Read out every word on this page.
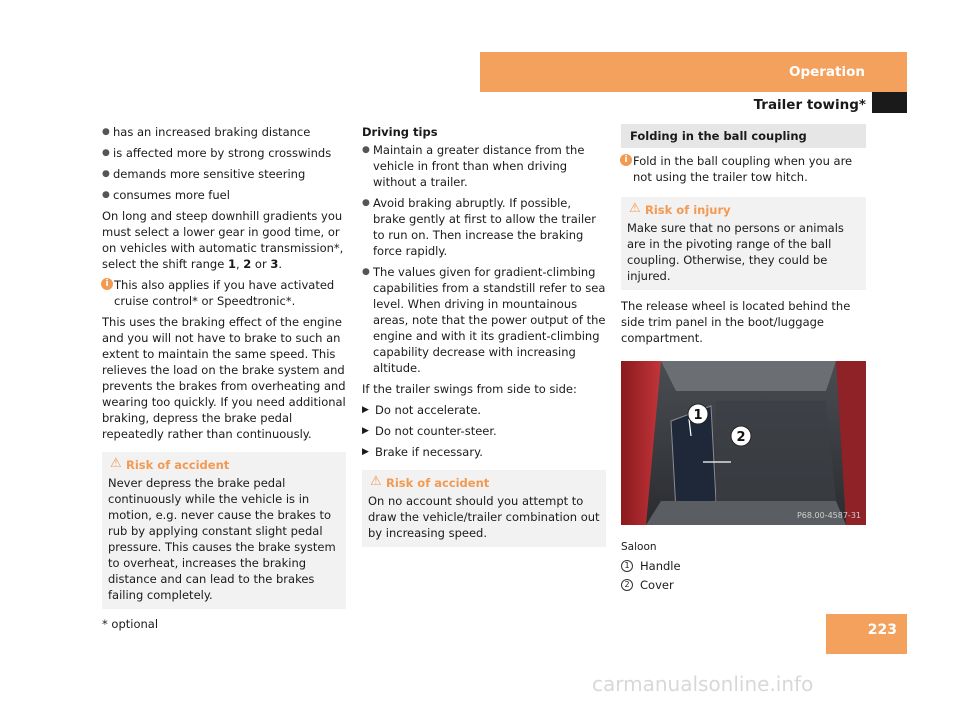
Operation
Trailer towing*
● has an increased braking distance
● is affected more by strong crosswinds
● demands more sensitive steering
● consumes more fuel

On long and steep downhill gradients you must select a lower gear in good time, or on vehicles with automatic transmission*, select the shift range 1, 2 or 3.

i This also applies if you have activated cruise control* or Speedtronic*.

This uses the braking effect of the engine and you will not have to brake to such an extent to maintain the same speed. This relieves the load on the brake system and prevents the brakes from overheating and wearing too quickly. If you need additional braking, depress the brake pedal repeatedly rather than continuously.

⚠ Risk of accident
Never depress the brake pedal continuously while the vehicle is in motion, e.g. never cause the brakes to rub by applying constant slight pedal pressure. This causes the brake system to overheat, increases the braking distance and can lead to the brakes failing completely.

Driving tips

● Maintain a greater distance from the vehicle in front than when driving without a trailer.
● Avoid braking abruptly. If possible, brake gently at first to allow the trailer to run on. Then increase the braking force rapidly.
● The values given for gradient-climbing capabilities from a standstill refer to sea level. When driving in mountainous areas, note that the power output of the engine and with it its gradient-climbing capability decrease with increasing altitude.

If the trailer swings from side to side:

▶ Do not accelerate.
▶ Do not counter-steer.
▶ Brake if necessary.
⚠ Risk of accident
On no account should you attempt to draw the vehicle/trailer combination out by increasing speed.
Folding in the ball coupling
i Fold in the ball coupling when you are not using the trailer tow hitch.
⚠ Risk of injury
Make sure that no persons or animals are in the pivoting range of the ball coupling. Otherwise, they could be injured.

The release wheel is located behind the side trim panel in the boot/luggage compartment.

1
2
P68.00-4587-31

Saloon

1 Handle
2 Cover
* optional	223
carmanualsonline.info
